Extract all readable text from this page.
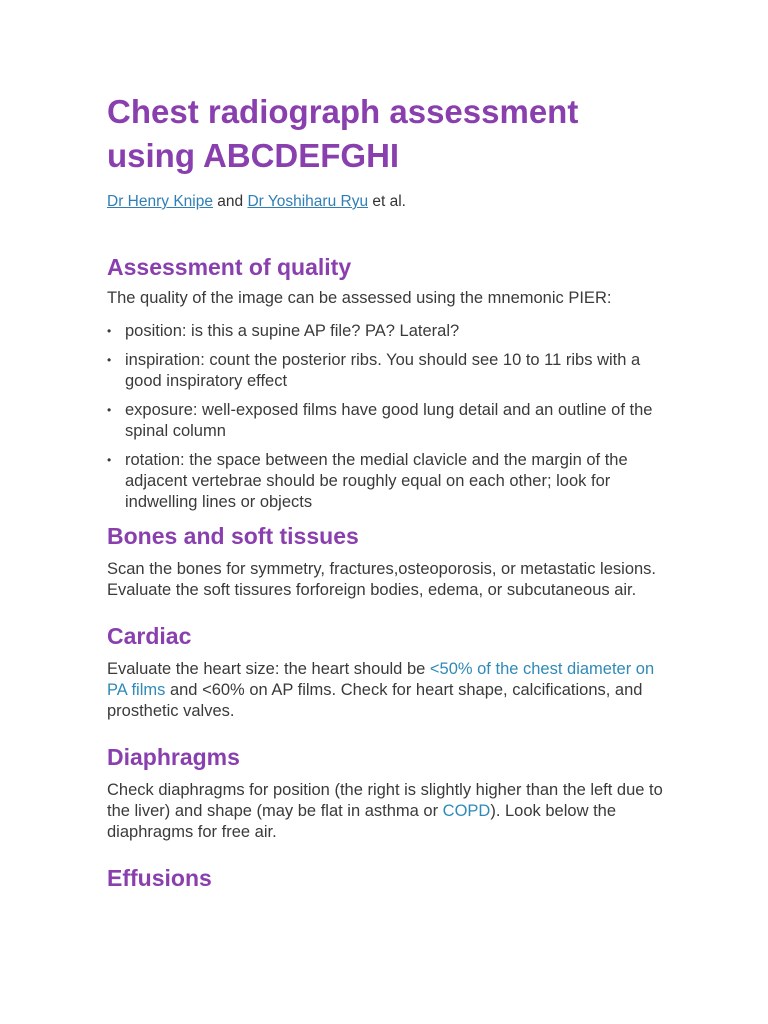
Chest radiograph assessment using ABCDEFGHI
Dr Henry Knipe and Dr Yoshiharu Ryu et al.
Assessment of quality

The quality of the image can be assessed using the mnemonic PIER:

• position: is this a supine AP file? PA? Lateral?
• inspiration: count the posterior ribs. You should see 10 to 11 ribs with a good inspiratory effect
• exposure: well-exposed films have good lung detail and an outline of the spinal column
• rotation: the space between the medial clavicle and the margin of the adjacent vertebrae should be roughly equal on each other; look for indwelling lines or objects
Bones and soft tissues

Scan the bones for symmetry, fractures,osteoporosis, or metastatic lesions. Evaluate the soft tissures forforeign bodies, edema, or subcutaneous air.

Cardiac

Evaluate the heart size: the heart should be <50% of the chest diameter on PA films and <60% on AP films. Check for heart shape, calcifications, and prosthetic valves.

Diaphragms

Check diaphragms for position (the right is slightly higher than the left due to the liver) and shape (may be flat in asthma or COPD). Look below the diaphragms for free air.

Effusions
